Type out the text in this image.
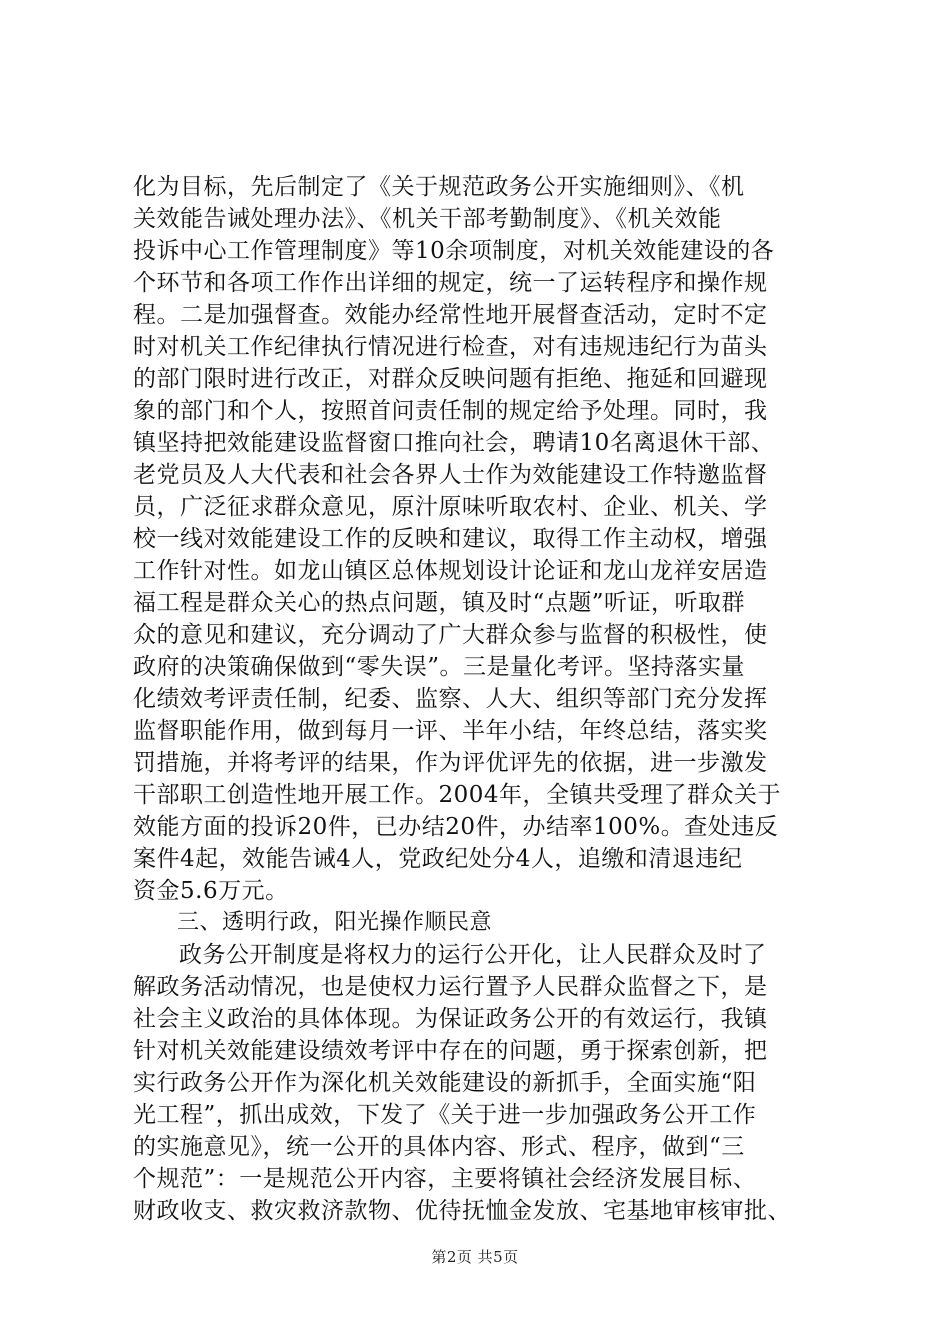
化为目标，先后制定了《关于规范政务公开实施细则》、《机
关效能告诫处理办法》、《机关干部考勤制度》、《机关效能
投诉中心工作管理制度》等10余项制度，对机关效能建设的各
个环节和各项工作作出详细的规定，统一了运转程序和操作规
程。二是加强督查。效能办经常性地开展督查活动，定时不定
时对机关工作纪律执行情况进行检查，对有违规违纪行为苗头
的部门限时进行改正，对群众反映问题有拒绝、拖延和回避现
象的部门和个人，按照首问责任制的规定给予处理。同时，我
镇坚持把效能建设监督窗口推向社会，聘请10名离退休干部、
老党员及人大代表和社会各界人士作为效能建设工作特邀监督
员，广泛征求群众意见，原汁原味听取农村、企业、机关、学
校一线对效能建设工作的反映和建议，取得工作主动权，增强
工作针对性。如龙山镇区总体规划设计论证和龙山龙祥安居造
福工程是群众关心的热点问题，镇及时“点题”听证，听取群
众的意见和建议，充分调动了广大群众参与监督的积极性，使
政府的决策确保做到“零失误”。三是量化考评。坚持落实量
化绩效考评责任制，纪委、监察、人大、组织等部门充分发挥
监督职能作用，做到每月一评、半年小结，年终总结，落实奖
罚措施，并将考评的结果，作为评优评先的依据，进一步激发
干部职工创造性地开展工作。2004年，全镇共受理了群众关于
效能方面的投诉20件，已办结20件，办结率100%。查处违反
案件4起，效能告诫4人，党政纪处分4人，追缴和清退违纪
资金5.6万元。
三、透明行政，阳光操作顺民意
政务公开制度是将权力的运行公开化，让人民群众及时了
解政务活动情况，也是使权力运行置予人民群众监督之下，是
社会主义政治的具体体现。为保证政务公开的有效运行，我镇
针对机关效能建设绩效考评中存在的问题，勇于探索创新，把
实行政务公开作为深化机关效能建设的新抓手，全面实施“阳
光工程”，抓出成效，下发了《关于进一步加强政务公开工作
的实施意见》，统一公开的具体内容、形式、程序，做到“三
个规范”：一是规范公开内容，主要将镇社会经济发展目标、
财政收支、救灾救济款物、优待抚恤金发放、宅基地审核审批、
第2页 共5页
